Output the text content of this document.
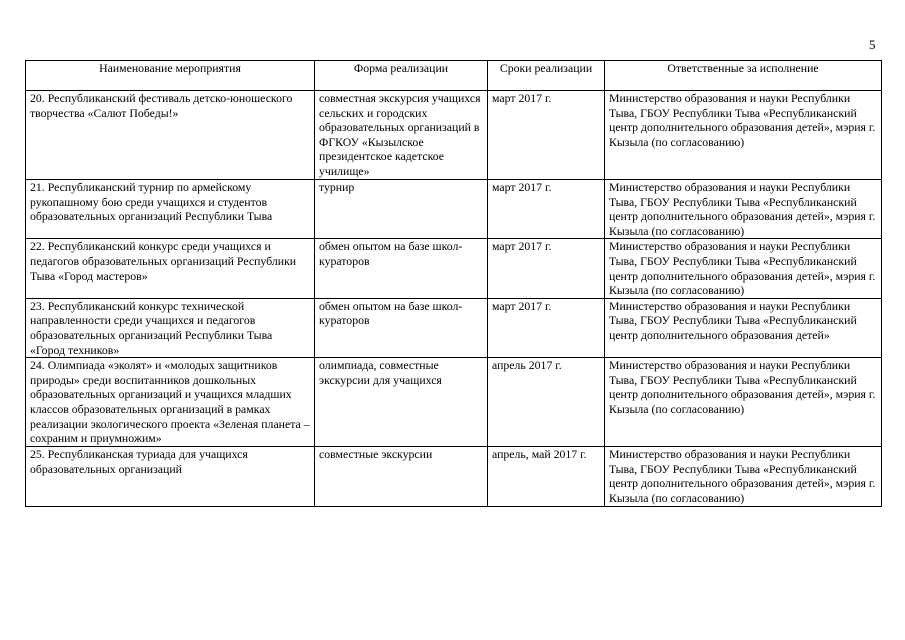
5
Наименование мероприятия	Форма реализации	Сроки реализации	Ответственные за исполнение
20. Республиканский фестиваль детско-юношеского творчества «Салют Победы!»	совместная экскурсия учащихся сельских и городских образовательных организаций в ФГКОУ «Кызылское президентское кадетское училище»	март 2017 г.	Министерство образования и науки Республики Тыва, ГБОУ Республики Тыва «Республиканский центр дополнительного образования детей», мэрия г. Кызыла (по согласованию)
21. Республиканский турнир по армейскому рукопашному бою среди учащихся и студентов образовательных организаций Республики Тыва	турнир	март 2017 г.	Министерство образования и науки Республики Тыва, ГБОУ Республики Тыва «Республиканский центр дополнительного образования детей», мэрия г. Кызыла (по согласованию)
22. Республиканский конкурс среди учащихся и педагогов образовательных организаций Республики Тыва «Город мастеров»	обмен опытом на базе школ-кураторов	март 2017 г.	Министерство образования и науки Республики Тыва, ГБОУ Республики Тыва «Республиканский центр дополнительного образования детей», мэрия г. Кызыла (по согласованию)
23. Республиканский конкурс технической направленности среди учащихся и педагогов образовательных организаций Республики Тыва «Город техников»	обмен опытом на базе школ-кураторов	март 2017 г.	Министерство образования и науки Республики Тыва, ГБОУ Республики Тыва «Республиканский центр дополнительного образования детей»
24. Олимпиада «эколят» и «молодых защитников природы» среди воспитанников дошкольных образовательных организаций и учащихся младших классов образовательных организаций в рамках реализации экологического проекта «Зеленая планета – сохраним и приумножим»	олимпиада, совместные экскурсии для учащихся	апрель 2017 г.	Министерство образования и науки Республики Тыва, ГБОУ Республики Тыва «Республиканский центр дополнительного образования детей», мэрия г. Кызыла (по согласованию)
25. Республиканская туриада для учащихся образовательных организаций	совместные экскурсии	апрель, май 2017 г.	Министерство образования и науки Республики Тыва, ГБОУ Республики Тыва «Республиканский центр дополнительного образования детей», мэрия г. Кызыла (по согласованию)
